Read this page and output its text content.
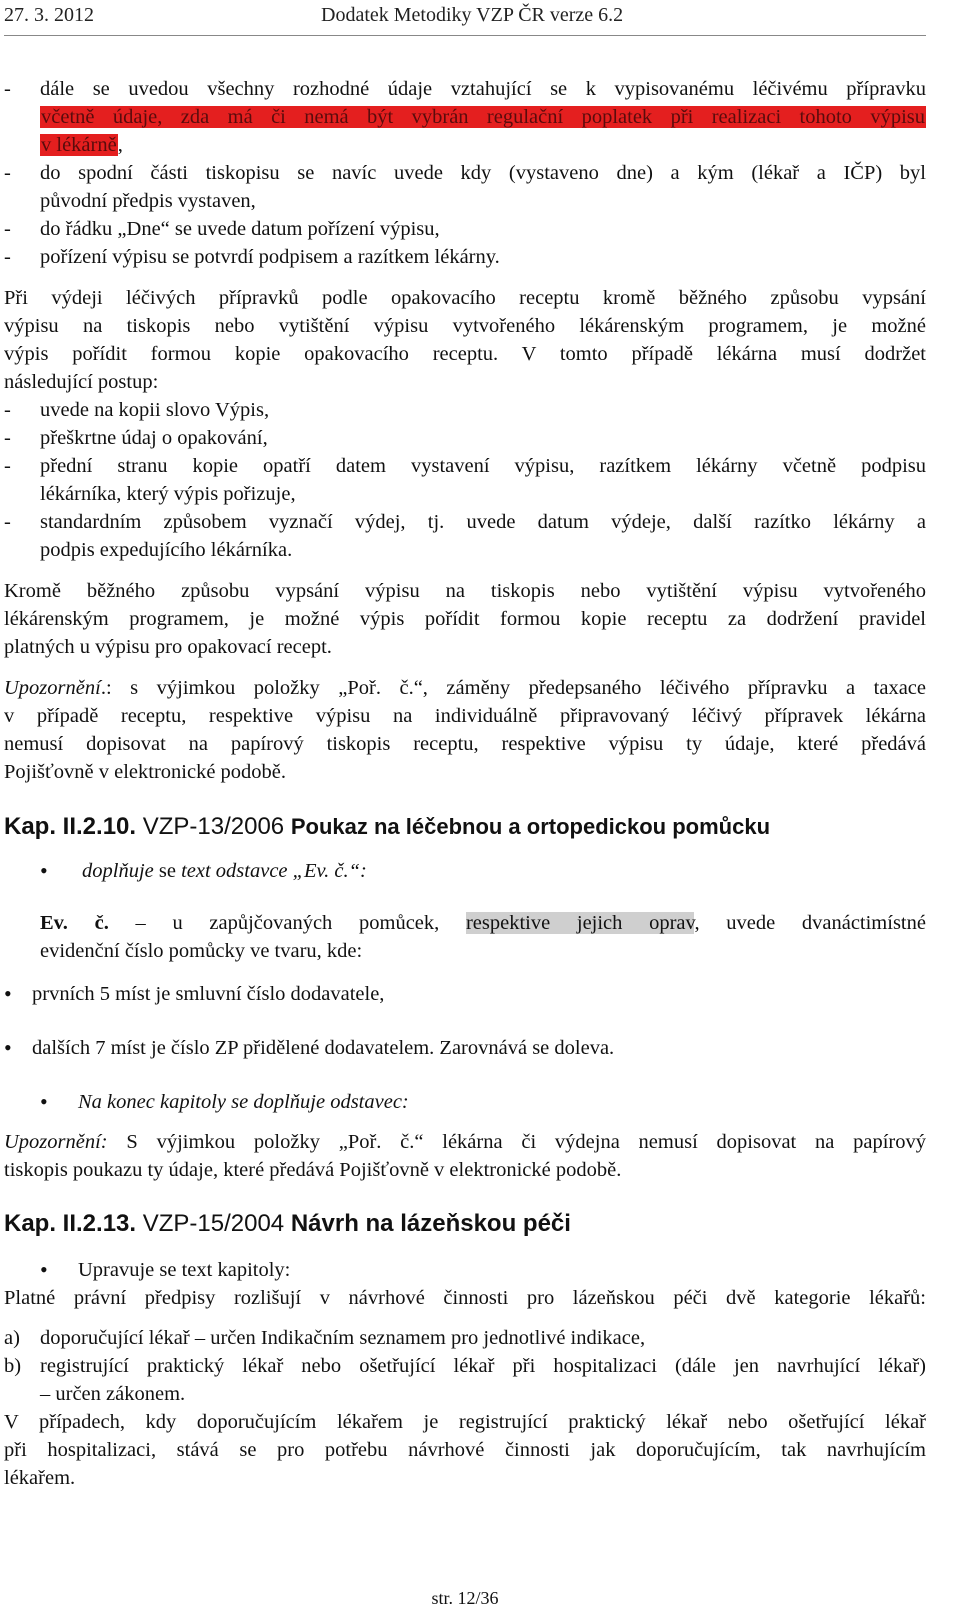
27. 3. 2012	Dodatek Metodiky VZP ČR verze 6.2
- dále se uvedou všechny rozhodné údaje vztahující se k vypisovanému léčivému přípravku
včetně údaje, zda má či nemá být vybrán regulační poplatek při realizaci tohoto výpisu
v lékárně,
- do spodní části tiskopisu se navíc uvede kdy (vystaveno dne) a kým (lékař a IČP) byl
původní předpis vystaven,
- do řádku „Dne“ se uvede datum pořízení výpisu,
- pořízení výpisu se potvrdí podpisem a razítkem lékárny.
Při výdeji léčivých přípravků podle opakovacího receptu kromě běžného způsobu vypsání
výpisu na tiskopis nebo vytištění výpisu vytvořeného lékárenským programem, je možné
výpis pořídit formou kopie opakovacího receptu. V tomto případě lékárna musí dodržet
následující postup:
- uvede na kopii slovo Výpis,
- přeškrtne údaj o opakování,
- přední stranu kopie opatří datem vystavení výpisu, razítkem lékárny včetně podpisu
lékárníka, který výpis pořizuje,
- standardním způsobem vyznačí výdej, tj. uvede datum výdeje, další razítko lékárny a
podpis expedujícího lékárníka.
Kromě běžného způsobu vypsání výpisu na tiskopis nebo vytištění výpisu vytvořeného
lékárenským programem, je možné výpis pořídit formou kopie receptu za dodržení pravidel
platných u výpisu pro opakovací recept.
Upozornění.: s výjimkou položky „Poř. č.“, záměny předepsaného léčivého přípravku a taxace
v případě receptu, respektive výpisu na individuálně připravovaný léčivý přípravek lékárna
nemusí dopisovat na papírový tiskopis receptu, respektive výpisu ty údaje, které předává
Pojišťovně v elektronické podobě.
Kap. II.2.10. VZP-13/2006 Poukaz na léčebnou a ortopedickou pomůcku
• doplňuje se text odstavce „Ev. č.“:
Ev. č. – u zapůjčovaných pomůcek, respektive jejich oprav, uvede dvanáctimístné
evidenční číslo pomůcky ve tvaru, kde:
• prvních 5 míst je smluvní číslo dodavatele,
• dalších 7 míst je číslo ZP přidělené dodavatelem. Zarovnává se doleva.
• Na konec kapitoly se doplňuje odstavec:
Upozornění: S výjimkou položky „Poř. č.“ lékárna či výdejna nemusí dopisovat na papírový
tiskopis poukazu ty údaje, které předává Pojišťovně v elektronické podobě.
Kap. II.2.13. VZP-15/2004 Návrh na lázeňskou péči
• Upravuje se text kapitoly:
Platné právní předpisy rozlišují v návrhové činnosti pro lázeňskou péči dvě kategorie lékařů:
a) doporučující lékař – určen Indikačním seznamem pro jednotlivé indikace,
b) registrující praktický lékař nebo ošetřující lékař při hospitalizaci (dále jen navrhující lékař)
– určen zákonem.
V případech, kdy doporučujícím lékařem je registrující praktický lékař nebo ošetřující lékař
při hospitalizaci, stává se pro potřebu návrhové činnosti jak doporučujícím, tak navrhujícím
lékařem.
str. 12/36
